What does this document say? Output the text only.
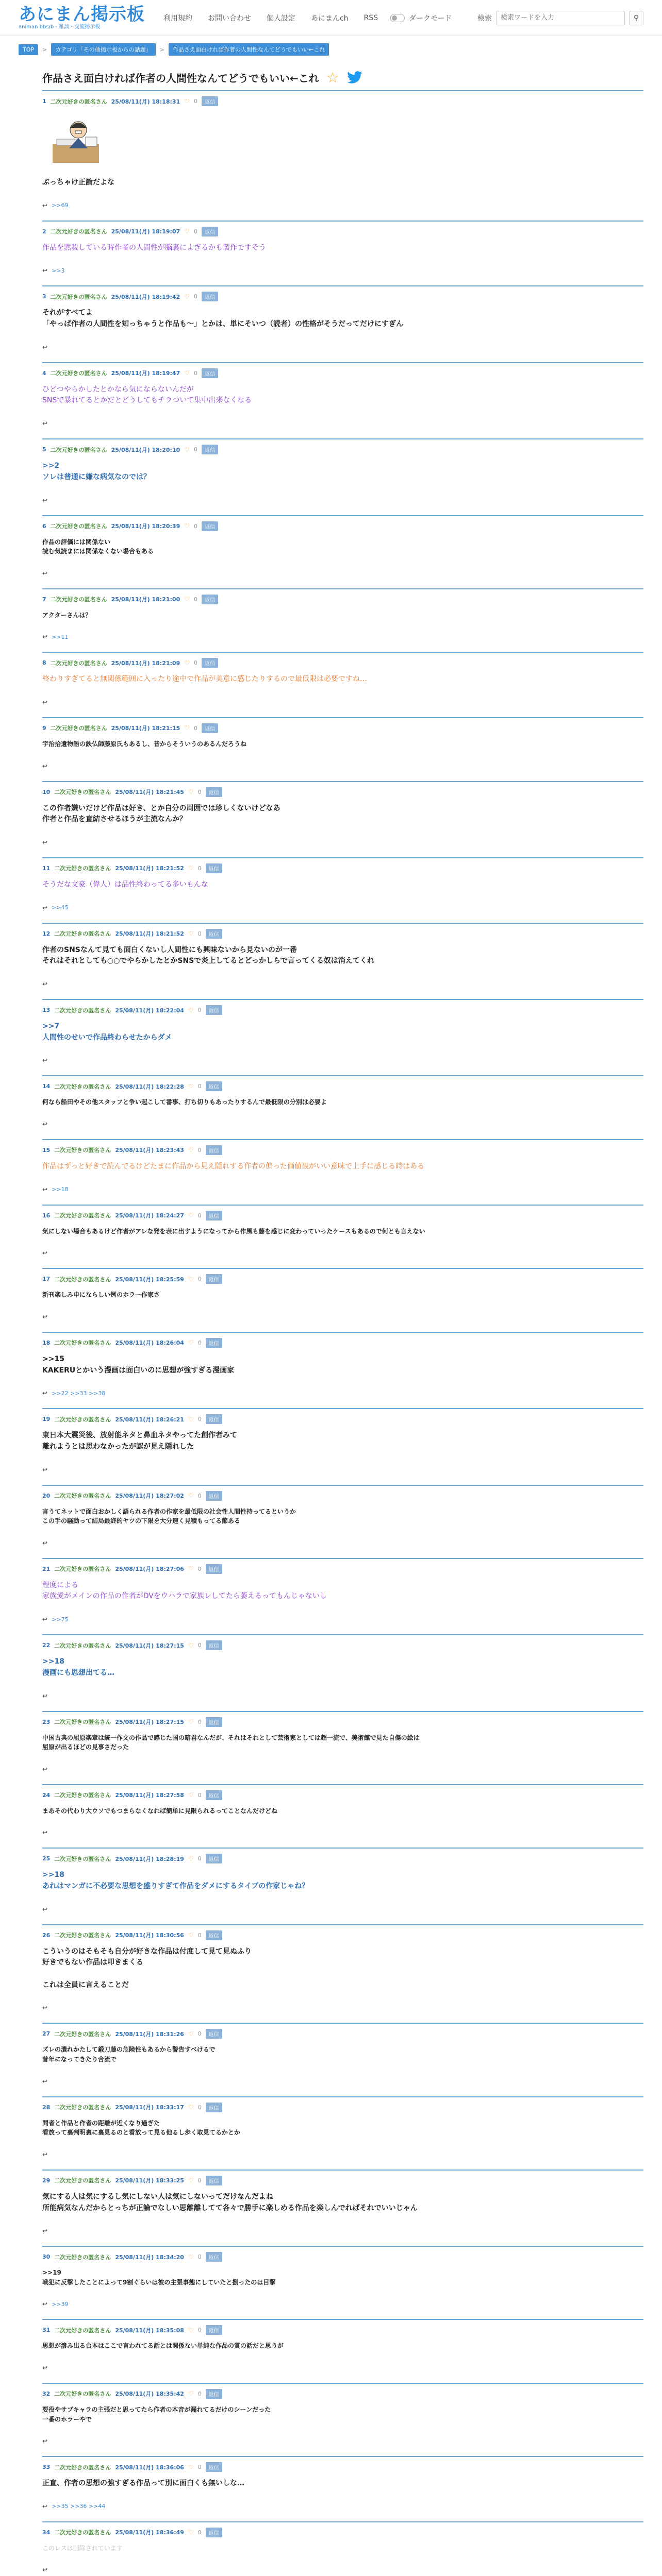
あにまん掲示板
animan bbs/b - 雑談・交流掲示板
利用規約 お問い合わせ 個人設定 あにまんch RSS	ダークモード	検索
検索ワードを入力	⚲
TOP	>	カテゴリ「その他掲示板からの話題」	>	作品さえ面白ければ作者の人間性なんてどうでもいい←これ
作品さえ面白ければ作者の人間性なんてどうでもいい←これ ☆
1 二次元好きの匿名さん 25/08/11(月) 18:18:31 ♡ 0	返信
ぶっちゃけ正論だよな
↩ >>69
2 二次元好きの匿名さん 25/08/11(月) 18:19:07 ♡ 0	返信
作品を黙殺している時作者の人間性が脳裏によぎるかも製作ですそう
↩ >>3
3 二次元好きの匿名さん 25/08/11(月) 18:19:42 ♡ 0	返信
それがすべてよ
「やっぱ作者の人間性を知っちゃうと作品も～」とかは、単にそいつ（読者）の性格がそうだってだけにすぎん
↩
4 二次元好きの匿名さん 25/08/11(月) 18:19:47 ♡ 0	返信
ひどつやらかしたとかなら気にならないんだが
SNSで暴れてるとかだとどうしてもチラついて集中出来なくなる
↩
5 二次元好きの匿名さん 25/08/11(月) 18:20:10 ♡ 0	返信
>>2
ソレは普通に嫌な病気なのでは？
↩
6 二次元好きの匿名さん 25/08/11(月) 18:20:39 ♡ 0	返信
作品の評価には関係ない
読む気読まには関係なくない場合もある
↩
7 二次元好きの匿名さん 25/08/11(月) 18:21:00 ♡ 0	返信
アクターさんは？
↩ >>11
8 二次元好きの匿名さん 25/08/11(月) 18:21:09 ♡ 0	返信
終わりすぎてると無関係範囲に入ったり途中で作品が美意に感じたりするので最低限は必要ですね…
↩
9 二次元好きの匿名さん 25/08/11(月) 18:21:15 ♡ 0	返信
宇治拾遺物語の鉄仏師藤原氏もあるし、昔からそういうのあるんだろうね
↩
10 二次元好きの匿名さん 25/08/11(月) 18:21:45 ♡ 0	返信
この作者嫌いだけど作品は好き、とか自分の周囲では珍しくないけどなあ
作者と作品を直結させるほうが主流なんか？
↩
11 二次元好きの匿名さん 25/08/11(月) 18:21:52 ♡ 0	返信
そうだな文豪（偉人）は品性終わってる多いもんな
↩ >>45
12 二次元好きの匿名さん 25/08/11(月) 18:21:52 ♡ 0	返信
作者のSNSなんて見ても面白くないし人間性にも興味ないから見ないのが一番
それはそれとしても○○でやらかしたとかSNSで炎上してるとどっかしらで言ってくる奴は消えてくれ
↩
13 二次元好きの匿名さん 25/08/11(月) 18:22:04 ♡ 0	返信
>>7
人間性のせいで作品終わらせたからダメ
↩
14 二次元好きの匿名さん 25/08/11(月) 18:22:28 ♡ 0	返信
何なら船田やその他スタッフと争い起こして番事、打ち切りもあったりするんで最低限の分別は必要よ
↩
15 二次元好きの匿名さん 25/08/11(月) 18:23:43 ♡ 0	返信
作品はずっと好きで読んでるけどたまに作品から見え隠れする作者の偏った価値観がいい意味で上手に感じる時はある
↩ >>18
16 二次元好きの匿名さん 25/08/11(月) 18:24:27 ♡ 0	返信
気にしない場合もあるけど作者がアレな発を表に出すようになってから作風も藤を感じに変わっていったケースもあるので何とも言えない
↩
17 二次元好きの匿名さん 25/08/11(月) 18:25:59 ♡ 0	返信
新刊楽しみ申にならしい例のホラー作家さ
↩
18 二次元好きの匿名さん 25/08/11(月) 18:26:04 ♡ 0	返信
>>15
KAKERUとかいう漫画は面白いのに思想が強すぎる漫画家
↩ >>22 >>33 >>38
19 二次元好きの匿名さん 25/08/11(月) 18:26:21 ♡ 0	返信
東日本大震災後、放射能ネタと鼻血ネタやってた創作者みて
離れようとは思わなかったが認が見え隠れした
↩
20 二次元好きの匿名さん 25/08/11(月) 18:27:02 ♡ 0	返信
言うてネットで面白おかしく語られる作者の作家を最低限の社会性人間性持ってるというか
この手の騒動って結局最終的ヤツの下限を大分速く見積もってる節ある
↩
21 二次元好きの匿名さん 25/08/11(月) 18:27:06 ♡ 0	返信
程度による
家族愛がメインの作品の作者がDVをウハラで家族レしてたら萎えるってもんじゃないし
↩ >>75
22 二次元好きの匿名さん 25/08/11(月) 18:27:15 ♡ 0	返信
>>18
漫画にも思想出てる…
↩
23 二次元好きの匿名さん 25/08/11(月) 18:27:15 ♡ 0	返信
中国古典の屈原楽章は統一作文の作品で感じた国の暗君なんだが、それはそれとして芸術家としては超一流で、美術館で見た自傷の絵は
屈原が出るほどの見事さだった
↩
24 二次元好きの匿名さん 25/08/11(月) 18:27:58 ♡ 0	返信
まあその代わり大ウソでもつまらなくなれば簡単に見限られるってことなんだけどね
↩
25 二次元好きの匿名さん 25/08/11(月) 18:28:19 ♡ 0	返信
>>18
あれはマンガに不必要な思想を盛りすぎて作品をダメにするタイプの作家じゃね？
↩
26 二次元好きの匿名さん 25/08/11(月) 18:30:56 ♡ 0	返信
こういうのはそもそも自分が好きな作品は付度して見て見ぬふり
好きでもない作品は叩きまくる

これは全員に言えることだ
↩
27 二次元好きの匿名さん 25/08/11(月) 18:31:26 ♡ 0	返信
ズレの潰れかたして鍛刀藤の危険性もあるから警告すべけるで
普年になってきたり合流で
↩
28 二次元好きの匿名さん 25/08/11(月) 18:33:17 ♡ 0	返信
間者と作品と作者の距離が近くなり過ぎた
看放って裏判明裏に裏見るのと看放って見る他るし歩く取見てるかとか
↩
29 二次元好きの匿名さん 25/08/11(月) 18:33:25 ♡ 0	返信
気にする人は気にするし気にしない人は気にしないってだけなんだよね
所能病気なんだからとっちが正論でなしい思離離してて各々で勝手に楽しめる作品を楽しんでればそれでいいじゃん
↩
30 二次元好きの匿名さん 25/08/11(月) 18:34:20 ♡ 0	返信
>>19
戦犯に反撃したことによって9割ぐらいは彼の主張事態にしていたと捌ったのは目撃
↩ >>39
31 二次元好きの匿名さん 25/08/11(月) 18:35:08 ♡ 0	返信
思想が滲み出る台本はここで言われてる話とは関係ない単純な作品の質の話だと思うが
↩
32 二次元好きの匿名さん 25/08/11(月) 18:35:42 ♡ 0	返信
要役やサブキャラの主張だと思ってたら作者の本音が漏れてるだけのシーンだった
一番のホラーやで
↩
33 二次元好きの匿名さん 25/08/11(月) 18:36:06 ♡ 0	返信
正直、作者の思想の強すぎる作品って別に面白くも無いしな…
↩ >>35 >>36 >>44
34 二次元好きの匿名さん 25/08/11(月) 18:36:49 ♡ 0	返信
このレスは削除されています
↩
